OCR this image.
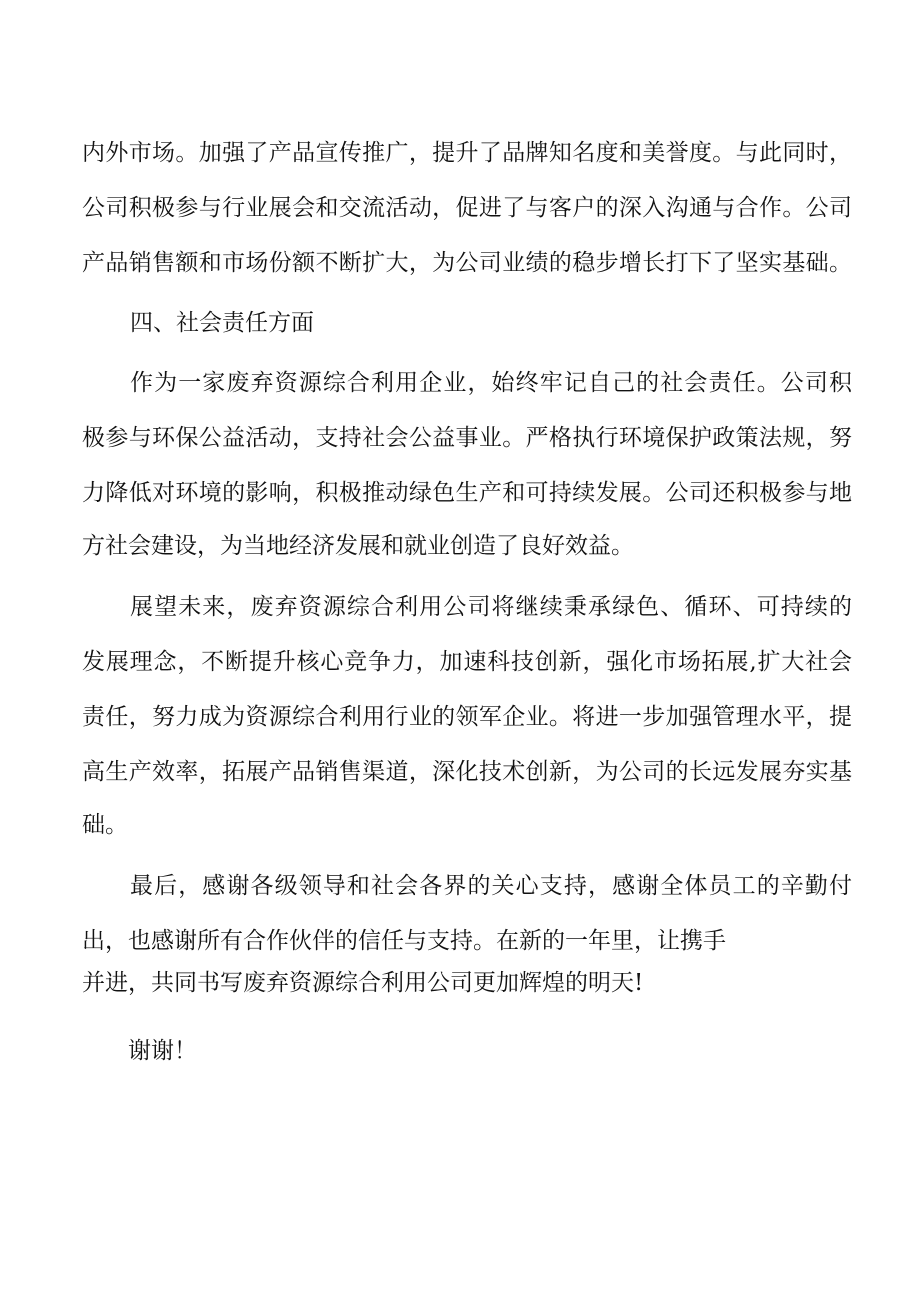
内外市场。加强了产品宣传推广，提升了品牌知名度和美誉度。与此同时，
公司积极参与行业展会和交流活动，促进了与客户的深入沟通与合作。公司
产品销售额和市场份额不断扩大，为公司业绩的稳步增长打下了坚实基础。
四、社会责任方面
作为一家废弃资源综合利用企业，始终牢记自己的社会责任。公司积
极参与环保公益活动，支持社会公益事业。严格执行环境保护政策法规，努
力降低对环境的影响，积极推动绿色生产和可持续发展。公司还积极参与地
方社会建设，为当地经济发展和就业创造了良好效益。
展望未来，废弃资源综合利用公司将继续秉承绿色、循环、可持续的
发展理念，不断提升核心竞争力，加速科技创新，强化市场拓展,扩大社会
责任，努力成为资源综合利用行业的领军企业。将进一步加强管理水平，提
高生产效率，拓展产品销售渠道，深化技术创新，为公司的长远发展夯实基
础。
最后，感谢各级领导和社会各界的关心支持，感谢全体员工的辛勤付
出，也感谢所有合作伙伴的信任与支持。在新的一年里，让携手
并进，共同书写废弃资源综合利用公司更加辉煌的明天!
谢谢！
